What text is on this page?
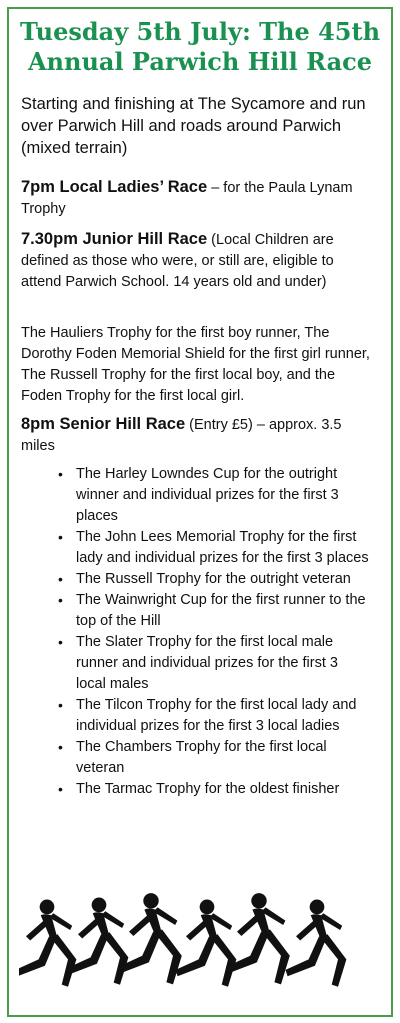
Tuesday 5th July: The 45th
Annual Parwich Hill Race
Starting and finishing at The Sycamore and run over Parwich Hill and roads around Parwich (mixed terrain)
7pm Local Ladies’ Race – for the Paula Lynam Trophy
7.30pm Junior Hill Race (Local Children are defined as those who were, or still are, eligible to attend Parwich School. 14 years old and under)
The Hauliers Trophy for the first boy runner, The Dorothy Foden Memorial Shield for the first girl runner, The Russell Trophy for the first local boy, and the Foden Trophy for the first local girl.
8pm Senior Hill Race (Entry £5) – approx. 3.5 miles
• The Harley Lowndes Cup for the outright winner and individual prizes for the first 3 places
• The John Lees Memorial Trophy for the first lady and individual prizes for the first 3 places
• The Russell Trophy for the outright veteran
• The Wainwright Cup for the first runner to the top of the Hill
• The Slater Trophy for the first local male runner and individual prizes for the first 3 local males
• The Tilcon Trophy for the first local lady and individual prizes for the first 3 local ladies
• The Chambers Trophy for the first local veteran
• The Tarmac Trophy for the oldest finisher
